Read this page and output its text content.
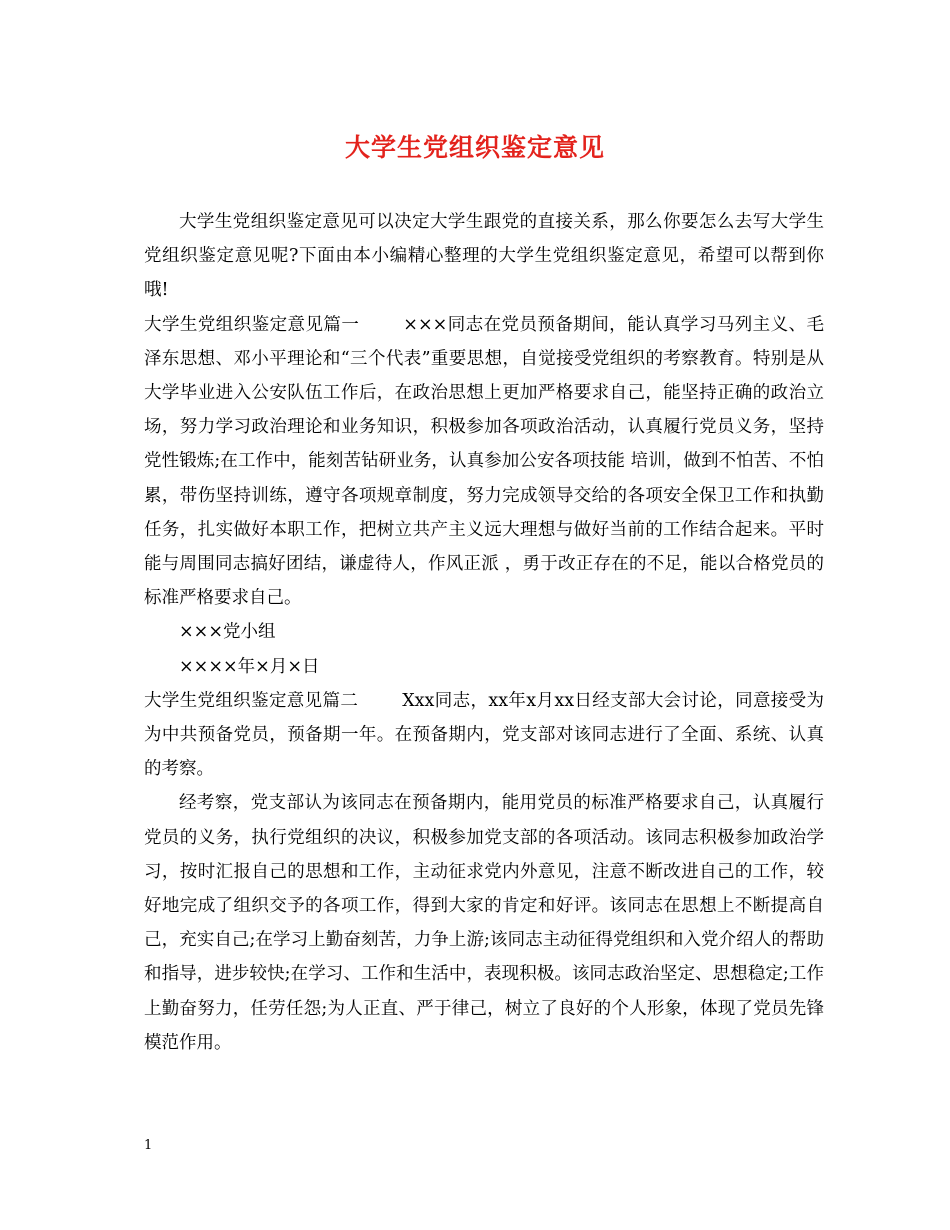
大学生党组织鉴定意见

大学生党组织鉴定意见可以决定大学生跟党的直接关系，那么你要怎么去写大学生党组织鉴定意见呢?下面由本小编精心整理的大学生党组织鉴定意见，希望可以帮到你哦!

大学生党组织鉴定意见篇一	×××同志在党员预备期间，能认真学习马列主义、毛泽东思想、邓小平理论和“三个代表”重要思想，自觉接受党组织的考察教育。特别是从大学毕业进入公安队伍工作后，在政治思想上更加严格要求自己，能坚持正确的政治立场，努力学习政治理论和业务知识，积极参加各项政治活动，认真履行党员义务，坚持党性锻炼;在工作中，能刻苦钻研业务，认真参加公安各项技能 培训，做到不怕苦、不怕累，带伤坚持训练，遵守各项规章制度，努力完成领导交给的各项安全保卫工作和执勤任务，扎实做好本职工作，把树立共产主义远大理想与做好当前的工作结合起来。平时能与周围同志搞好团结，谦虚待人，作风正派 ，勇于改正存在的不足，能以合格党员的标准严格要求自己。

×××党小组

××××年×月×日

大学生党组织鉴定意见篇二	Xxx同志，xx年x月xx日经支部大会讨论，同意接受为为中共预备党员，预备期一年。在预备期内，党支部对该同志进行了全面、系统、认真的考察。

经考察，党支部认为该同志在预备期内，能用党员的标准严格要求自己，认真履行党员的义务，执行党组织的决议，积极参加党支部的各项活动。该同志积极参加政治学习，按时汇报自己的思想和工作，主动征求党内外意见，注意不断改进自己的工作，较好地完成了组织交予的各项工作，得到大家的肯定和好评。该同志在思想上不断提高自己，充实自己;在学习上勤奋刻苦，力争上游;该同志主动征得党组织和入党介绍人的帮助和指导，进步较快;在学习、工作和生活中，表现积极。该同志政治坚定、思想稳定;工作上勤奋努力，任劳任怨;为人正直、严于律己，树立了良好的个人形象，体现了党员先锋模范作用。

1
